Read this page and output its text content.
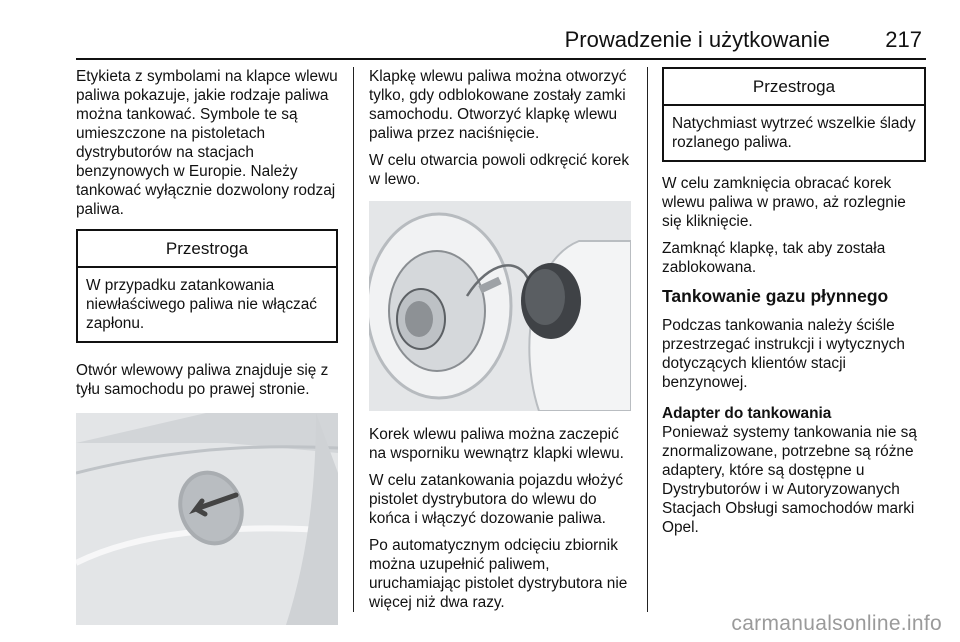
Prowadzenie i użytkowanie	217

Etykieta z symbolami na klapce wlewu paliwa pokazuje, jakie rodzaje paliwa można tankować. Symbole te są umieszczone na pistoletach dystrybutorów na stacjach benzynowych w Europie. Należy tankować wyłącznie dozwolony rodzaj paliwa.

Przestroga
W przypadku zatankowania niewłaściwego paliwa nie włączać zapłonu.

Otwór wlewowy paliwa znajduje się z tyłu samochodu po prawej stronie.

Klapkę wlewu paliwa można otworzyć tylko, gdy odblokowane zostały zamki samochodu. Otworzyć klapkę wlewu paliwa przez naciśnięcie.

W celu otwarcia powoli odkręcić korek w lewo.

Korek wlewu paliwa można zaczepić na wsporniku wewnątrz klapki wlewu.

W celu zatankowania pojazdu włożyć pistolet dystrybutora do wlewu do końca i włączyć dozowanie paliwa.

Po automatycznym odcięciu zbiornik można uzupełnić paliwem, uruchamiając pistolet dystrybutora nie więcej niż dwa razy.

Przestroga
Natychmiast wytrzeć wszelkie ślady rozlanego paliwa.

W celu zamknięcia obracać korek wlewu paliwa w prawo, aż rozlegnie się kliknięcie.

Zamknąć klapkę, tak aby została zablokowana.

Tankowanie gazu płynnego

Podczas tankowania należy ściśle przestrzegać instrukcji i wytycznych dotyczących klientów stacji benzynowej.

Adapter do tankowania

Ponieważ systemy tankowania nie są znormalizowane, potrzebne są różne adaptery, które są dostępne u Dystrybutorów i w Autoryzowanych Stacjach Obsługi samochodów marki Opel.

carmanualsonline.info
